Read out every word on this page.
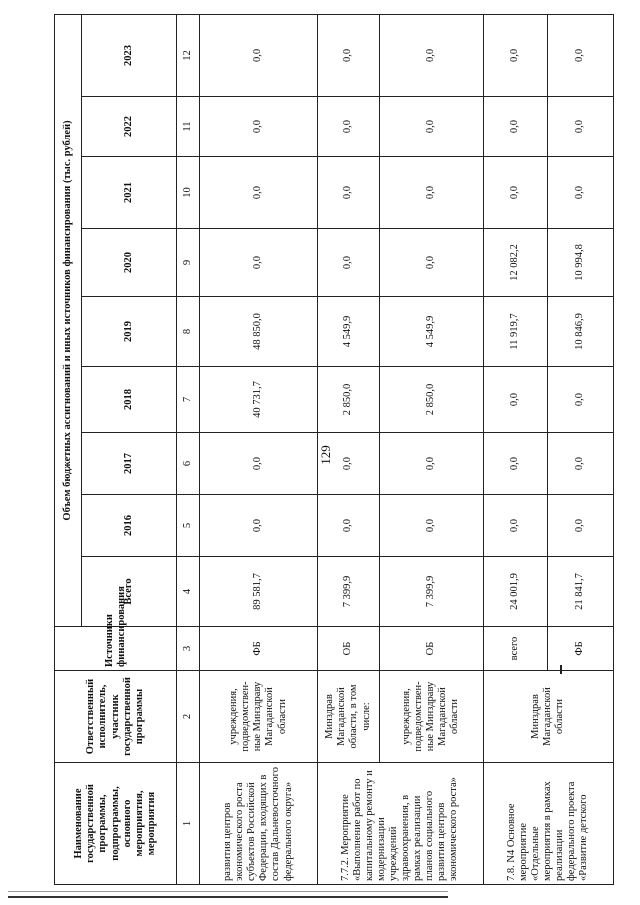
129
Наименование государственной программы, подпрограммы, основного мероприятия, мероприятия	Ответственный исполнитель, участник государственной программы	Источники финансирования	Объем бюджетных ассигнований и иных источников финансирования (тыс. рублей)								
			Всего	2016	2017	2018	2019	2020	2021	2022	2023
1	2	3	4	5	6	7	8	9	10	11	12
развития центров экономического роста субъектов Российской Федерации, входящих в состав Дальневосточного федерального округа»	учреждения, подведомствен-ные Минздраву Магаданской области	ФБ	89 581,7	0,0	0,0	40 731,7	48 850,0	0,0	0,0	0,0	0,0
7.7.2. Мероприятие «Выполнение работ по капитальному ремонту и модернизации учреждений здравоохранения, в рамках реализации планов социального развития центров экономического роста»	Минздрав Магаданской области, в том числе:	ОБ	7 399,9	0,0	0,0	2 850,0	4 549,9	0,0	0,0	0,0	0,0
	учреждения, подведомствен-ные Минздраву Магаданской области	ОБ	7 399,9	0,0	0,0	2 850,0	4 549,9	0,0	0,0	0,0	0,0
7.8. N4 Основное мероприятие «Отдельные мероприятия в рамках реализации федерального проекта «Развитие детского	Минздрав Магаданской области	всего	24 001,9	0,0	0,0	0,0	11 919,7	12 082,2	0,0	0,0	0,0
		ФБ	21 841,7	0,0	0,0	0,0	10 846,9	10 994,8	0,0	0,0	0,0
